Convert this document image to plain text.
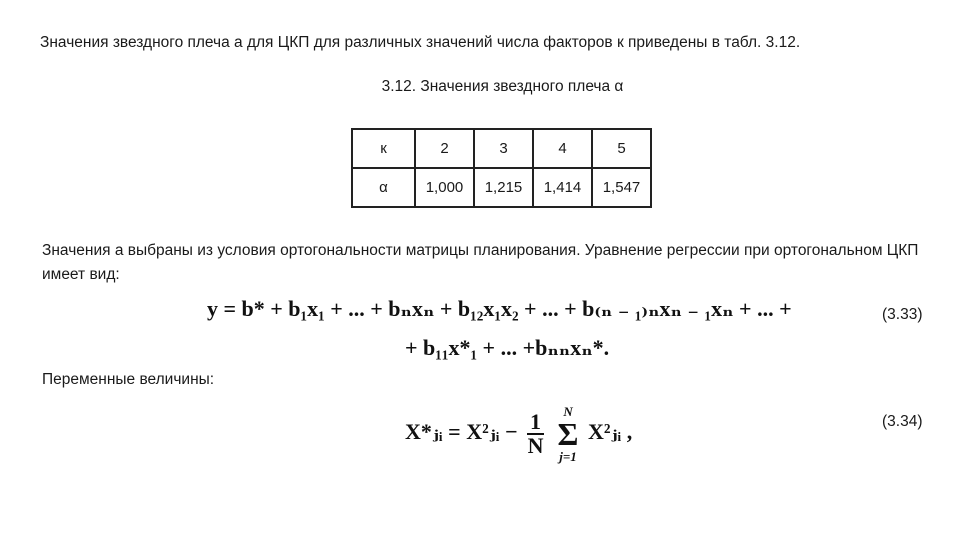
Значения звездного плеча а для ЦКП для различных значений числа факторов к приведены в табл. 3.12.
3.12. Значения звездного плеча α
к	2	3	4	5
α	1,000	1,215	1,414	1,547
Значения а выбраны из условия ортогональности матрицы планирования. Уравнение регрессии при ортогональном ЦКП имеет вид:
y = b* + b₁x₁ + ... + bₙxₙ + b₁₂x₁x₂ + ... + b₍ₙ ₋ ₁₎ₙxₙ ₋ ₁xₙ + ... +
+ b₁₁x*₁ + ... +bₙₙxₙ*.
(3.33)
Переменные величины:
X*ⱼᵢ = X²ⱼᵢ − $\frac{1}{N}$
	N
Σ
j=1
X²ⱼᵢ ,	(3.34)
